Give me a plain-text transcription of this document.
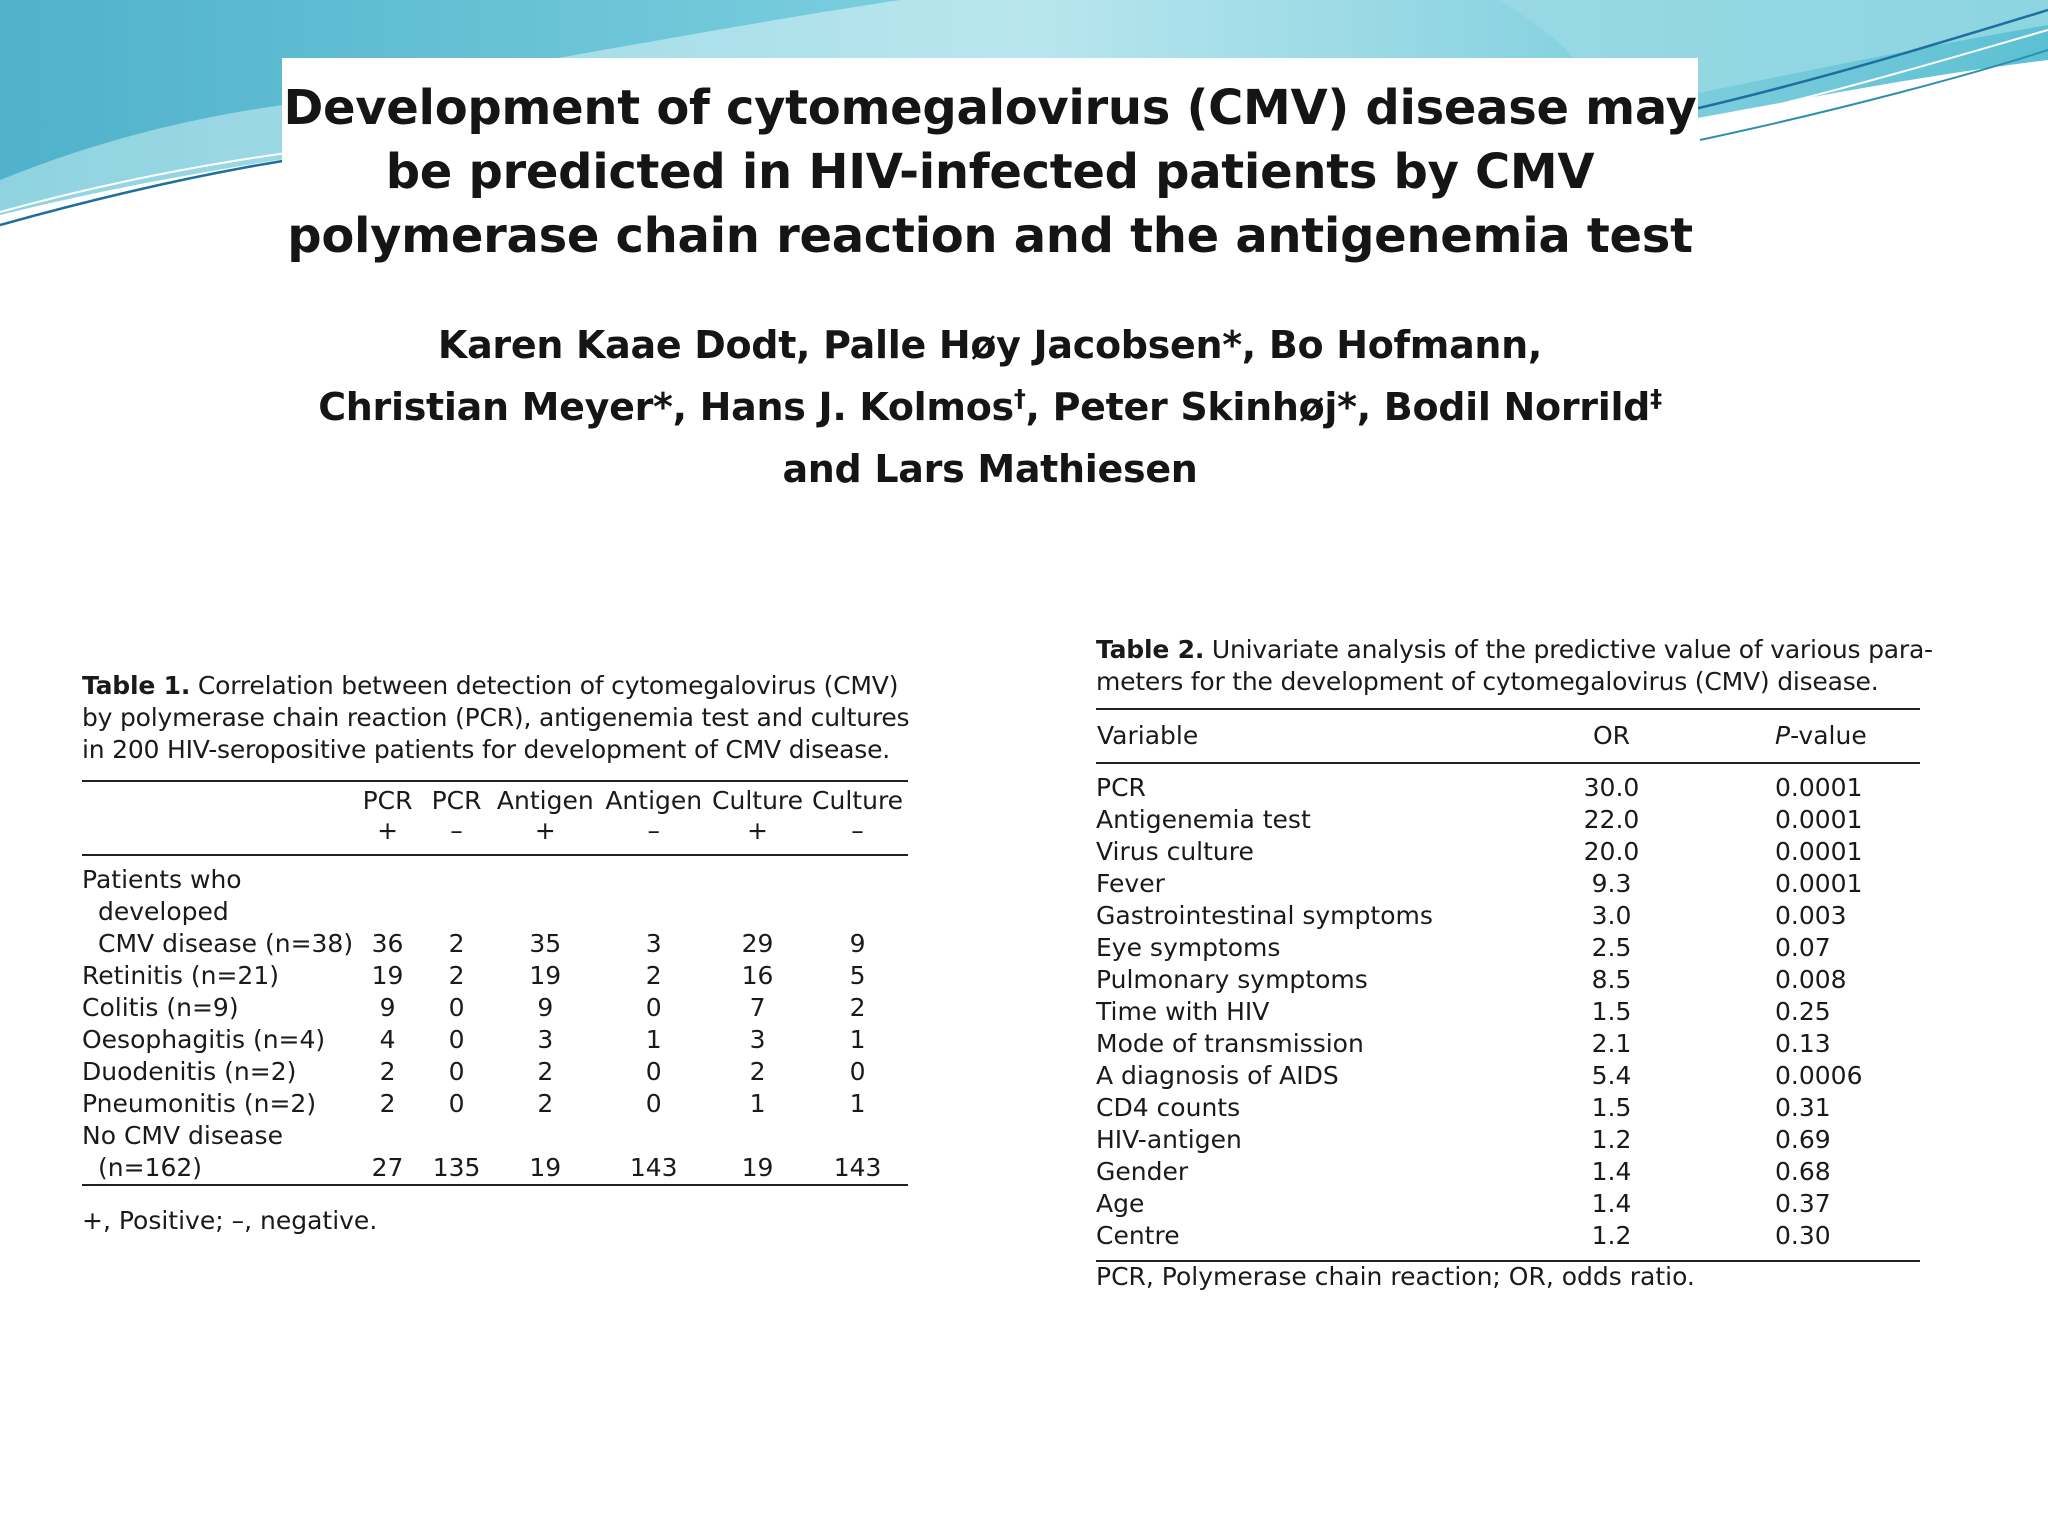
Development of cytomegalovirus (CMV) disease may
be predicted in HIV-infected patients by CMV
polymerase chain reaction and the antigenemia test
Karen Kaae Dodt, Palle Høy Jacobsen*, Bo Hofmann,
Christian Meyer*, Hans J. Kolmos†, Peter Skinhøj*, Bodil Norrild‡
and Lars Mathiesen
Table 1. Correlation between detection of cytomegalovirus (CMV)
by polymerase chain reaction (PCR), antigenemia test and cultures
in 200 HIV-seropositive patients for development of CMV disease.
	PCR	PCR	Antigen	Antigen	Culture	Culture
	+	–	+	–	+	–
Patients who						
developed						
CMV disease (n=38)	36	2	35	3	29	9
Retinitis (n=21)	19	2	19	2	16	5
Colitis (n=9)	9	0	9	0	7	2
Oesophagitis (n=4)	4	0	3	1	3	1
Duodenitis (n=2)	2	0	2	0	2	0
Pneumonitis (n=2)	2	0	2	0	1	1
No CMV disease						
(n=162)	27	135	19	143	19	143
+, Positive; –, negative.
Table 2. Univariate analysis of the predictive value of various para-
meters for the development of cytomegalovirus (CMV) disease.
Variable	OR	P-value
PCR	30.0	0.0001
Antigenemia test	22.0	0.0001
Virus culture	20.0	0.0001
Fever	9.3	0.0001
Gastrointestinal symptoms	3.0	0.003
Eye symptoms	2.5	0.07
Pulmonary symptoms	8.5	0.008
Time with HIV	1.5	0.25
Mode of transmission	2.1	0.13
A diagnosis of AIDS	5.4	0.0006
CD4 counts	1.5	0.31
HIV-antigen	1.2	0.69
Gender	1.4	0.68
Age	1.4	0.37
Centre	1.2	0.30
PCR, Polymerase chain reaction; OR, odds ratio.
